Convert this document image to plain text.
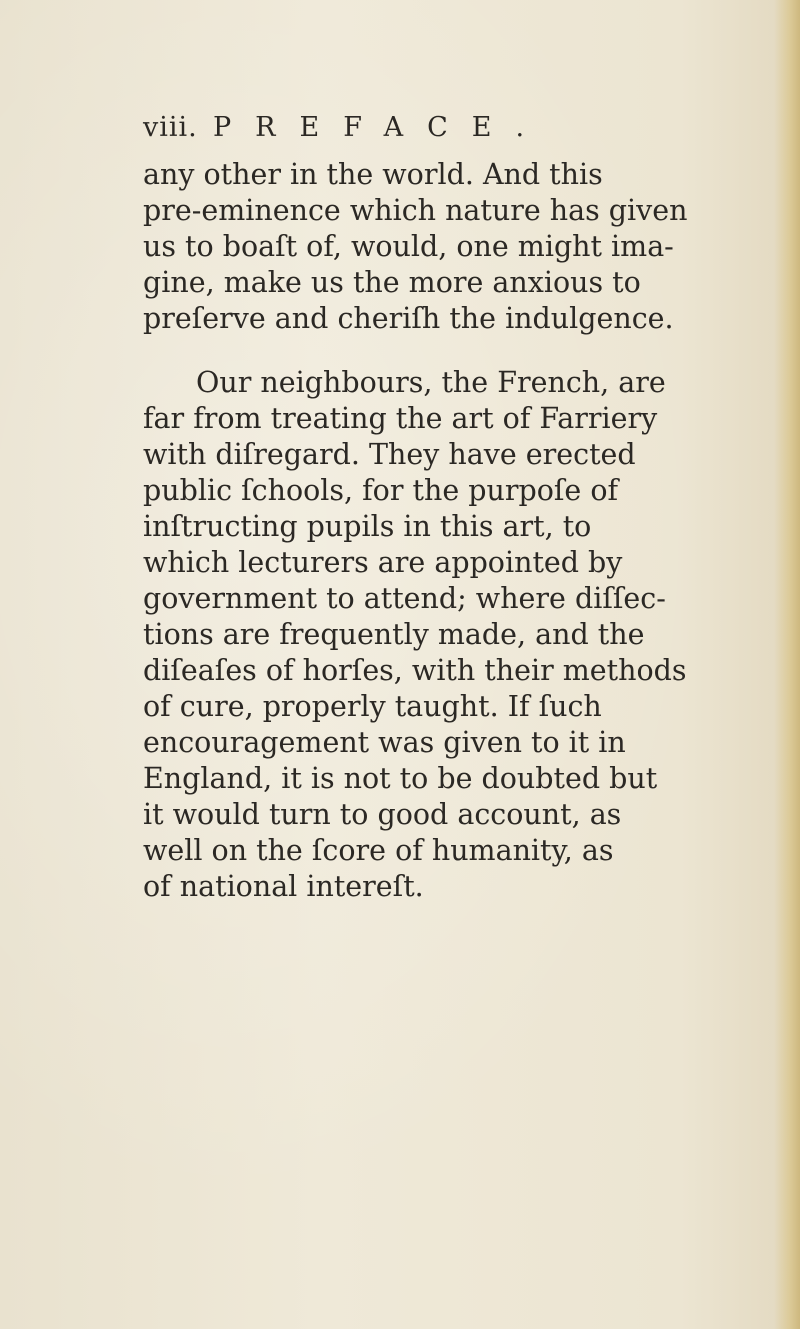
viii. PREFACE.
any other in the world. And this
pre-eminence which nature has given
us to boaſt of, would, one might ima-
gine, make us the more anxious to
preſerve and cheriſh the indulgence.
Our neighbours, the French, are
far from treating the art of Farriery
with diſregard. They have erected
public ſchools, for the purpoſe of
inſtructing pupils in this art, to
which lecturers are appointed by
government to attend; where diſſec-
tions are frequently made, and the
diſeaſes of horſes, with their methods
of cure, properly taught. If ſuch
encouragement was given to it in
England, it is not to be doubted but
it would turn to good account, as
well on the ſcore of humanity, as
of national intereſt.
